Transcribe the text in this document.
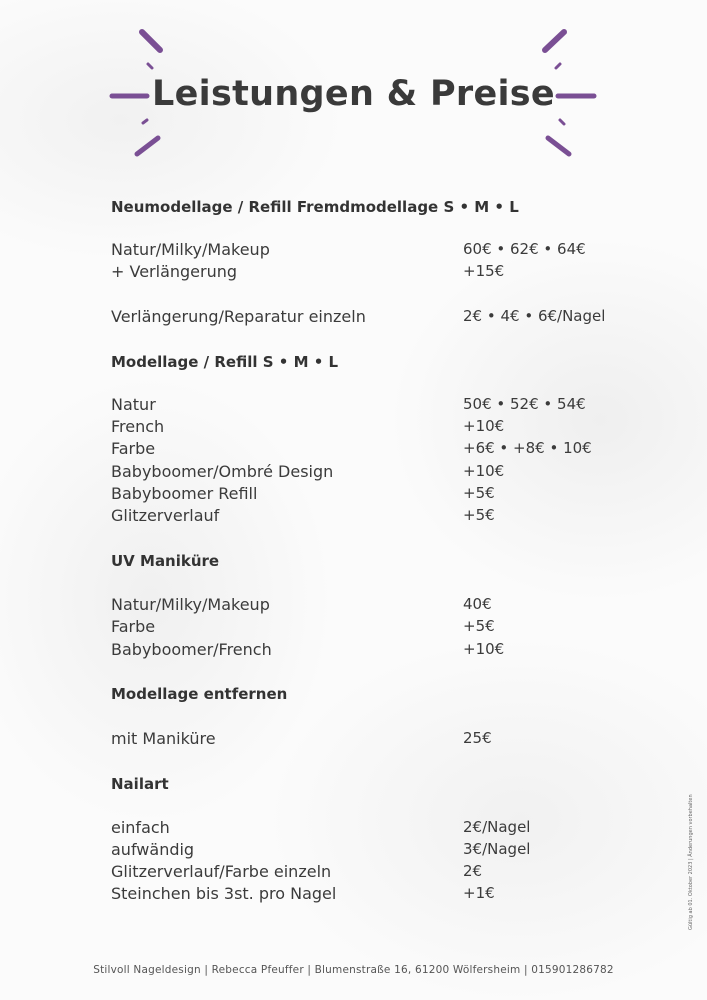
Leistungen & Preise
Neumodellage / Refill Fremdmodellage S • M • L
Natur/Milky/Makeup	60€ • 62€ • 64€
+ Verlängerung	+15€
Verlängerung/Reparatur einzeln	2€ • 4€ • 6€/Nagel
Modellage / Refill S • M • L
Natur	50€ • 52€ • 54€
French	+10€
Farbe	+6€ • +8€ • 10€
Babyboomer/Ombré Design	+10€
Babyboomer Refill	+5€
Glitzerverlauf	+5€
UV Maniküre
Natur/Milky/Makeup	40€
Farbe	+5€
Babyboomer/French	+10€
Modellage entfernen
mit Maniküre	25€
Nailart
einfach	2€/Nagel
aufwändig	3€/Nagel
Glitzerverlauf/Farbe einzeln	2€
Steinchen bis 3st. pro Nagel	+1€
Stilvoll Nageldesign | Rebecca Pfeuffer | Blumenstraße 16, 61200 Wölfersheim | 015901286782
Gültig ab 01. Oktober 2023 | Änderungen vorbehalten
